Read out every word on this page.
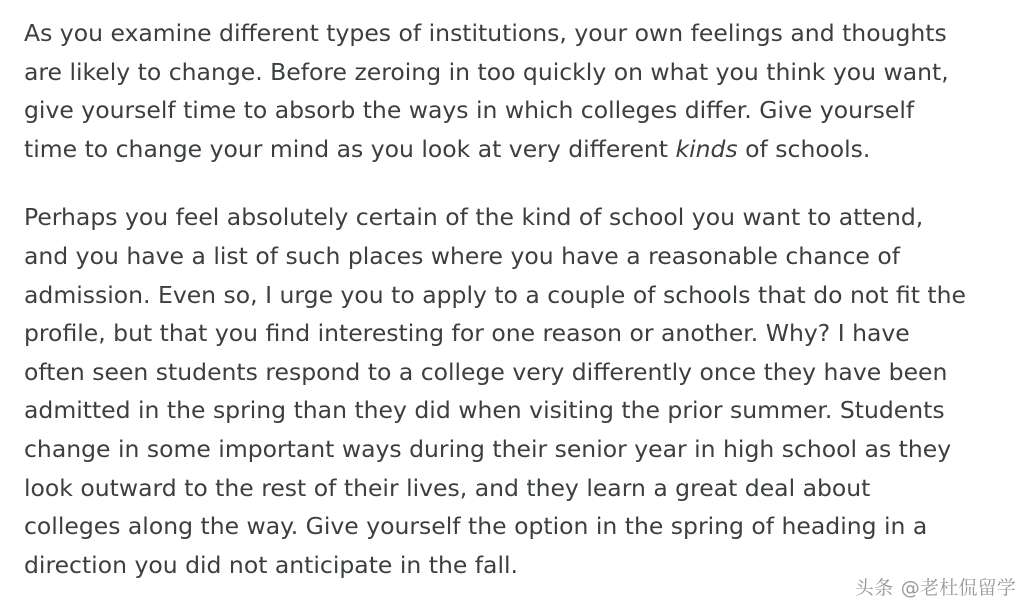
As you examine different types of institutions, your own feelings and thoughts are likely to change. Before zeroing in too quickly on what you think you want, give yourself time to absorb the ways in which colleges differ. Give yourself time to change your mind as you look at very different kinds of schools.

Perhaps you feel absolutely certain of the kind of school you want to attend, and you have a list of such places where you have a reasonable chance of admission. Even so, I urge you to apply to a couple of schools that do not fit the profile, but that you find interesting for one reason or another. Why? I have often seen students respond to a college very differently once they have been admitted in the spring than they did when visiting the prior summer. Students change in some important ways during their senior year in high school as they look outward to the rest of their lives, and they learn a great deal about colleges along the way. Give yourself the option in the spring of heading in a direction you did not anticipate in the fall.

头条 @老杜侃留学
